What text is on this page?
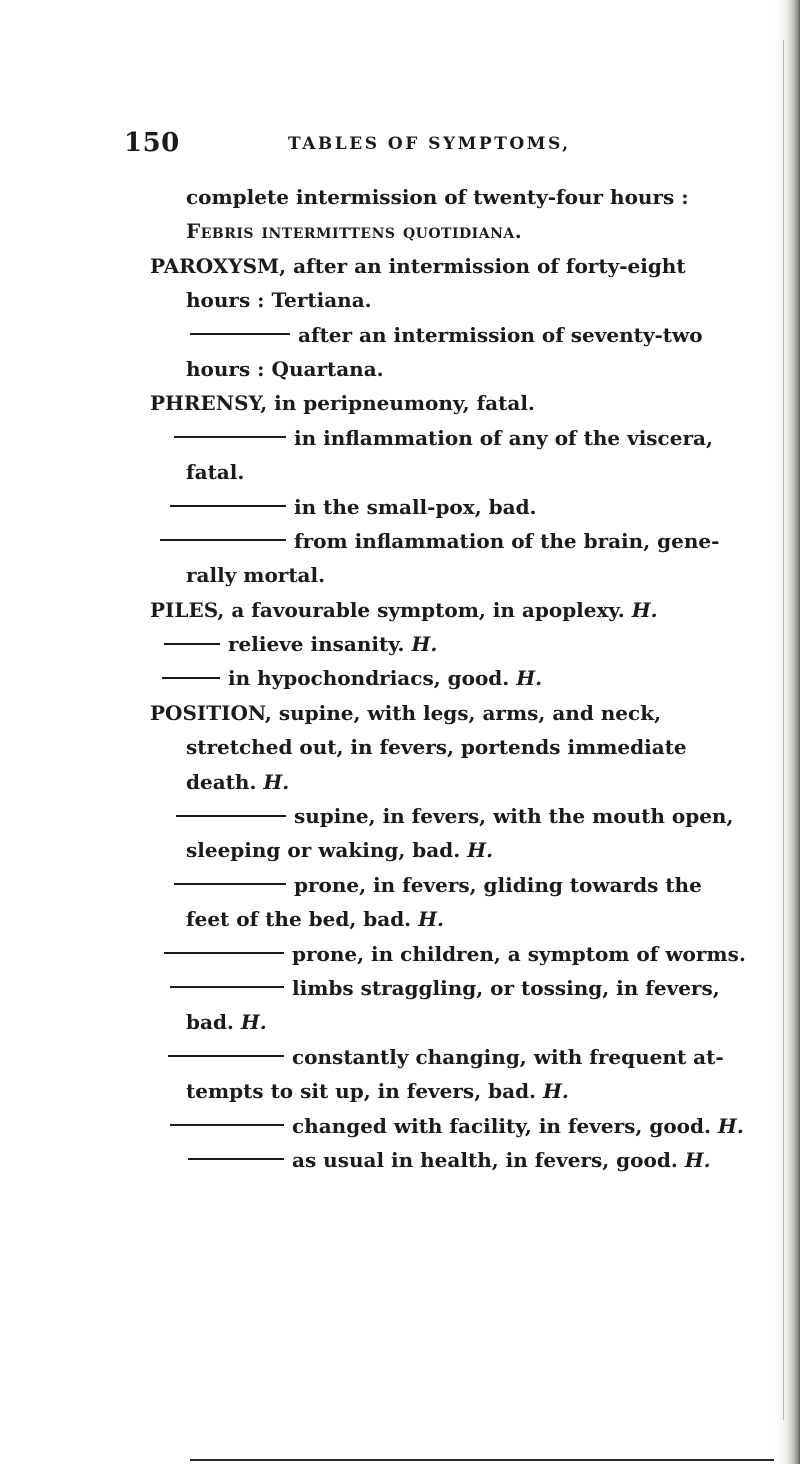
150	TABLES OF SYMPTOMS,
complete intermission of twenty-four hours :
Febris intermittens quotidiana.
PAROXYSM, after an intermission of forty-eight
hours : Tertiana.
after an intermission of seventy-two
hours : Quartana.
PHRENSY, in peripneumony, fatal.
in inflammation of any of the viscera,
fatal.
in the small-pox, bad.
from inflammation of the brain, gene-
rally mortal.
PILES, a favourable symptom, in apoplexy. H.
relieve insanity. H.
in hypochondriacs, good. H.
POSITION, supine, with legs, arms, and neck,
stretched out, in fevers, portends immediate
death. H.
supine, in fevers, with the mouth open,
sleeping or waking, bad. H.
prone, in fevers, gliding towards the
feet of the bed, bad. H.
prone, in children, a symptom of worms.
limbs straggling, or tossing, in fevers,
bad. H.
constantly changing, with frequent at-
tempts to sit up, in fevers, bad. H.
changed with facility, in fevers, good. H.
as usual in health, in fevers, good. H.
